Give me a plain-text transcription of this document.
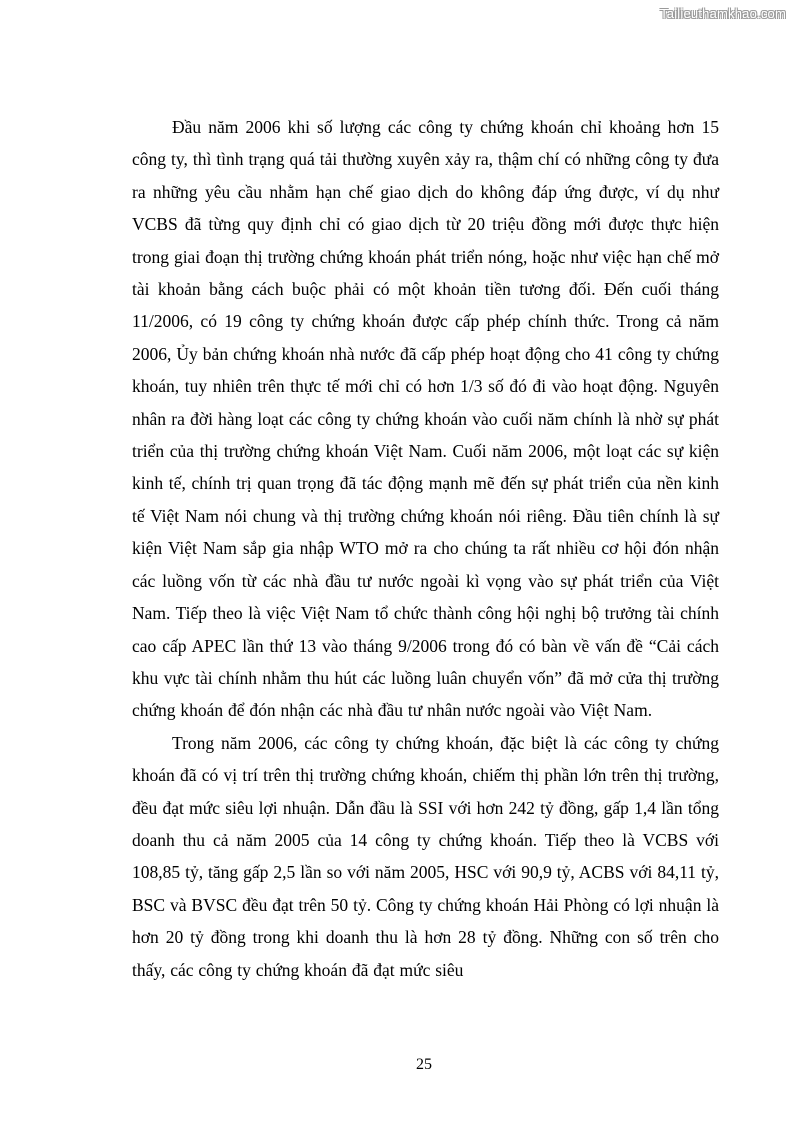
Tailieuthamkhao.com

Đầu năm 2006 khi số lượng các công ty chứng khoán chỉ khoảng hơn 15 công ty, thì tình trạng quá tải thường xuyên xảy ra, thậm chí có những công ty đưa ra những yêu cầu nhằm hạn chế giao dịch do không đáp ứng được, ví dụ như VCBS đã từng quy định chỉ có giao dịch từ 20 triệu đồng mới được thực hiện trong giai đoạn thị trường chứng khoán phát triển nóng, hoặc như việc hạn chế mở tài khoản bằng cách buộc phải có một khoản tiền tương đối. Đến cuối tháng 11/2006, có 19 công ty chứng khoán được cấp phép chính thức. Trong cả năm 2006, Ủy bản chứng khoán nhà nước đã cấp phép hoạt động cho 41 công ty chứng khoán, tuy nhiên trên thực tế mới chỉ có hơn 1/3 số đó đi vào hoạt động. Nguyên nhân ra đời hàng loạt các công ty chứng khoán vào cuối năm chính là nhờ sự phát triển của thị trường chứng khoán Việt Nam. Cuối năm 2006, một loạt các sự kiện kinh tế, chính trị quan trọng đã tác động mạnh mẽ đến sự phát triển của nền kinh tế Việt Nam nói chung và thị trường chứng khoán nói riêng. Đầu tiên chính là sự kiện Việt Nam sắp gia nhập WTO mở ra cho chúng ta rất nhiều cơ hội đón nhận các luồng vốn từ các nhà đầu tư nước ngoài kì vọng vào sự phát triển của Việt Nam. Tiếp theo là việc Việt Nam tổ chức thành công hội nghị bộ trưởng tài chính cao cấp APEC lần thứ 13 vào tháng 9/2006 trong đó có bàn về vấn đề “Cải cách khu vực tài chính nhằm thu hút các luồng luân chuyển vốn” đã mở cửa thị trường chứng khoán để đón nhận các nhà đầu tư nhân nước ngoài vào Việt Nam.

Trong năm 2006, các công ty chứng khoán, đặc biệt là các công ty chứng khoán đã có vị trí trên thị trường chứng khoán, chiếm thị phần lớn trên thị trường, đều đạt mức siêu lợi nhuận. Dẫn đầu là SSI với hơn 242 tỷ đồng, gấp 1,4 lần tổng doanh thu cả năm 2005 của 14 công ty chứng khoán. Tiếp theo là VCBS với 108,85 tỷ, tăng gấp 2,5 lần so với năm 2005, HSC với 90,9 tỷ, ACBS với 84,11 tỷ, BSC và BVSC đều đạt trên 50 tỷ. Công ty chứng khoán Hải Phòng có lợi nhuận là hơn 20 tỷ đồng trong khi doanh thu là hơn 28 tỷ đồng. Những con số trên cho thấy, các công ty chứng khoán đã đạt mức siêu

25
